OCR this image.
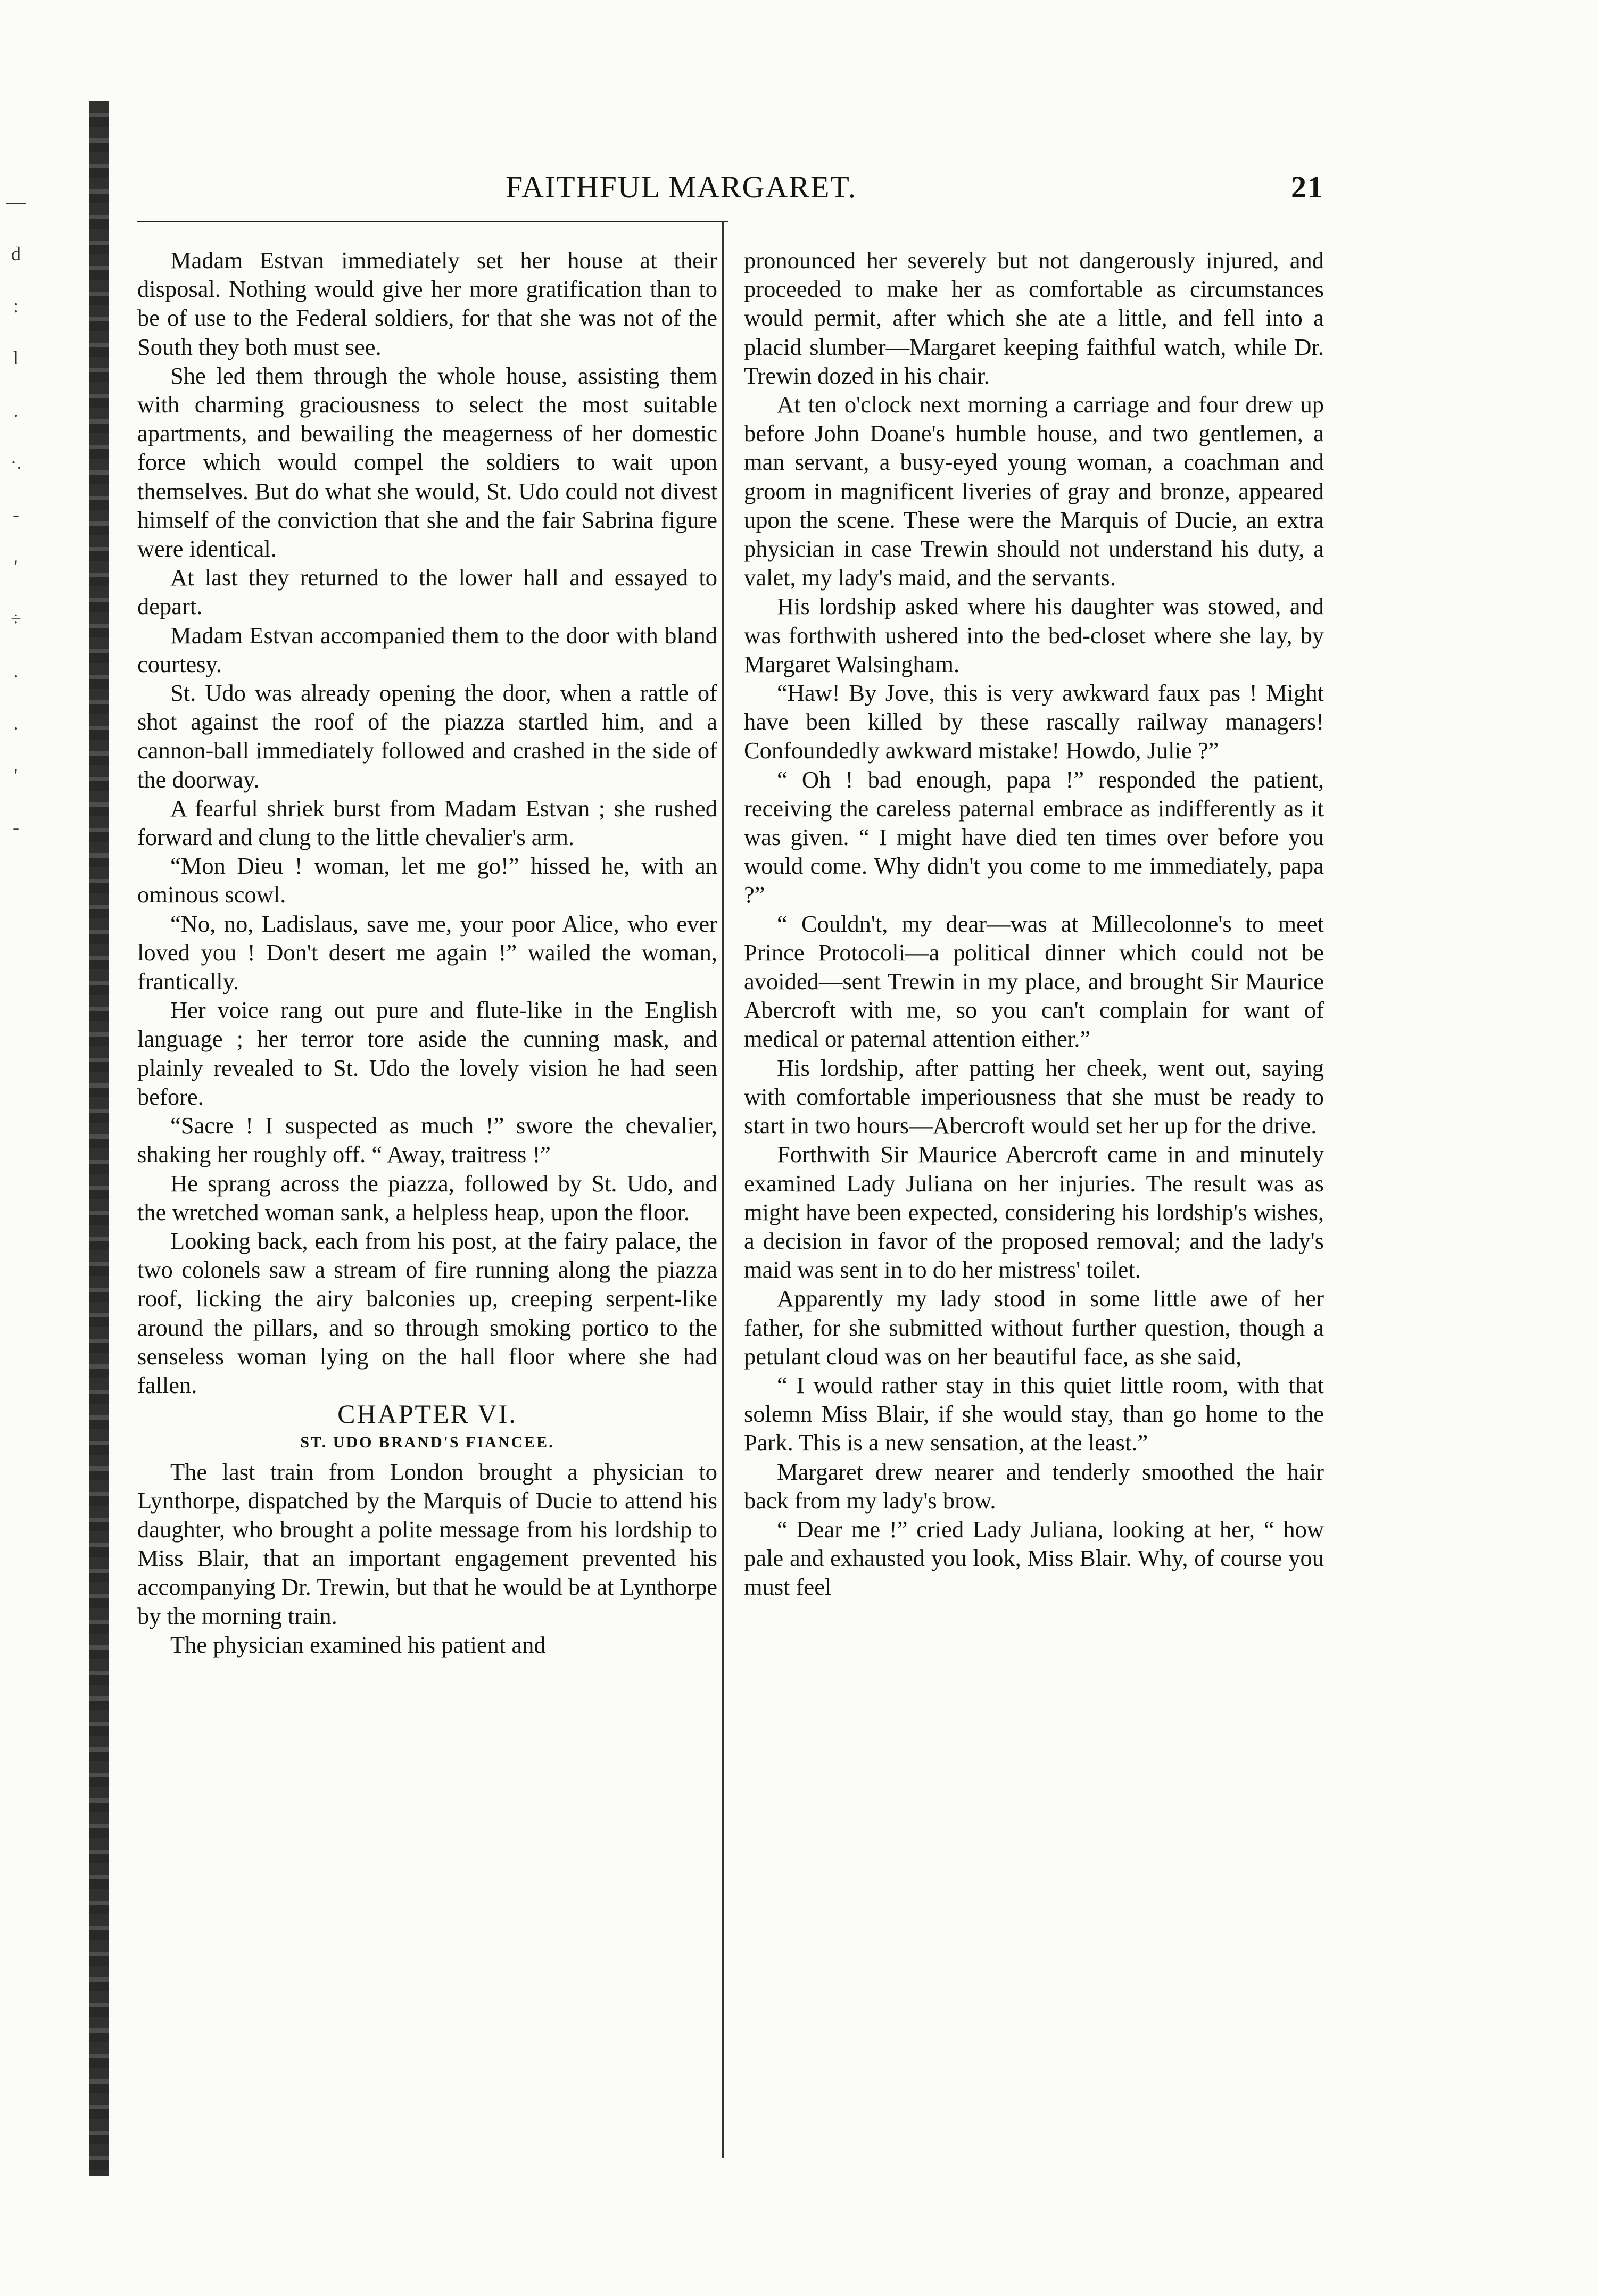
—
d
:
l
.
·.
-
'
÷
.
.
'
-
FAITHFUL MARGARET.	21

Madam Estvan immediately set her house at their disposal. Nothing would give her more gratification than to be of use to the Federal soldiers, for that she was not of the South they both must see.

She led them through the whole house, assisting them with charming graciousness to select the most suitable apartments, and bewailing the meagerness of her domestic force which would compel the soldiers to wait upon themselves. But do what she would, St. Udo could not divest himself of the conviction that she and the fair Sabrina figure were identical.

At last they returned to the lower hall and essayed to depart.

Madam Estvan accompanied them to the door with bland courtesy.

St. Udo was already opening the door, when a rattle of shot against the roof of the piazza startled him, and a cannon-ball immediately followed and crashed in the side of the doorway.

A fearful shriek burst from Madam Estvan ; she rushed forward and clung to the little chevalier's arm.

“Mon Dieu ! woman, let me go!” hissed he, with an ominous scowl.

“No, no, Ladislaus, save me, your poor Alice, who ever loved you ! Don't desert me again !” wailed the woman, frantically.

Her voice rang out pure and flute-like in the English language ; her terror tore aside the cunning mask, and plainly revealed to St. Udo the lovely vision he had seen before.

“Sacre ! I suspected as much !” swore the chevalier, shaking her roughly off. “ Away, traitress !”

He sprang across the piazza, followed by St. Udo, and the wretched woman sank, a helpless heap, upon the floor.

Looking back, each from his post, at the fairy palace, the two colonels saw a stream of fire running along the piazza roof, licking the airy balconies up, creeping serpent-like around the pillars, and so through smoking portico to the senseless woman lying on the hall floor where she had fallen.

CHAPTER VI.

ST. UDO BRAND'S FIANCEE.

The last train from London brought a physician to Lynthorpe, dispatched by the Marquis of Ducie to attend his daughter, who brought a polite message from his lordship to Miss Blair, that an important engagement prevented his accompanying Dr. Trewin, but that he would be at Lynthorpe by the morning train.

The physician examined his patient and

pronounced her severely but not dangerously injured, and proceeded to make her as comfortable as circumstances would permit, after which she ate a little, and fell into a placid slumber—Margaret keeping faithful watch, while Dr. Trewin dozed in his chair.

At ten o'clock next morning a carriage and four drew up before John Doane's humble house, and two gentlemen, a man servant, a busy-eyed young woman, a coachman and groom in magnificent liveries of gray and bronze, appeared upon the scene. These were the Marquis of Ducie, an extra physician in case Trewin should not understand his duty, a valet, my lady's maid, and the servants.

His lordship asked where his daughter was stowed, and was forthwith ushered into the bed-closet where she lay, by Margaret Walsingham.

“Haw! By Jove, this is very awkward faux pas ! Might have been killed by these rascally railway managers! Confoundedly awkward mistake! Howdo, Julie ?”

“ Oh ! bad enough, papa !” responded the patient, receiving the careless paternal embrace as indifferently as it was given. “ I might have died ten times over before you would come. Why didn't you come to me immediately, papa ?”

“ Couldn't, my dear—was at Millecolonne's to meet Prince Protocoli—a political dinner which could not be avoided—sent Trewin in my place, and brought Sir Maurice Abercroft with me, so you can't complain for want of medical or paternal attention either.”

His lordship, after patting her cheek, went out, saying with comfortable imperiousness that she must be ready to start in two hours—Abercroft would set her up for the drive.

Forthwith Sir Maurice Abercroft came in and minutely examined Lady Juliana on her injuries. The result was as might have been expected, considering his lordship's wishes, a decision in favor of the proposed removal; and the lady's maid was sent in to do her mistress' toilet.

Apparently my lady stood in some little awe of her father, for she submitted without further question, though a petulant cloud was on her beautiful face, as she said,

“ I would rather stay in this quiet little room, with that solemn Miss Blair, if she would stay, than go home to the Park. This is a new sensation, at the least.”

Margaret drew nearer and tenderly smoothed the hair back from my lady's brow.

“ Dear me !” cried Lady Juliana, looking at her, “ how pale and exhausted you look, Miss Blair. Why, of course you must feel
